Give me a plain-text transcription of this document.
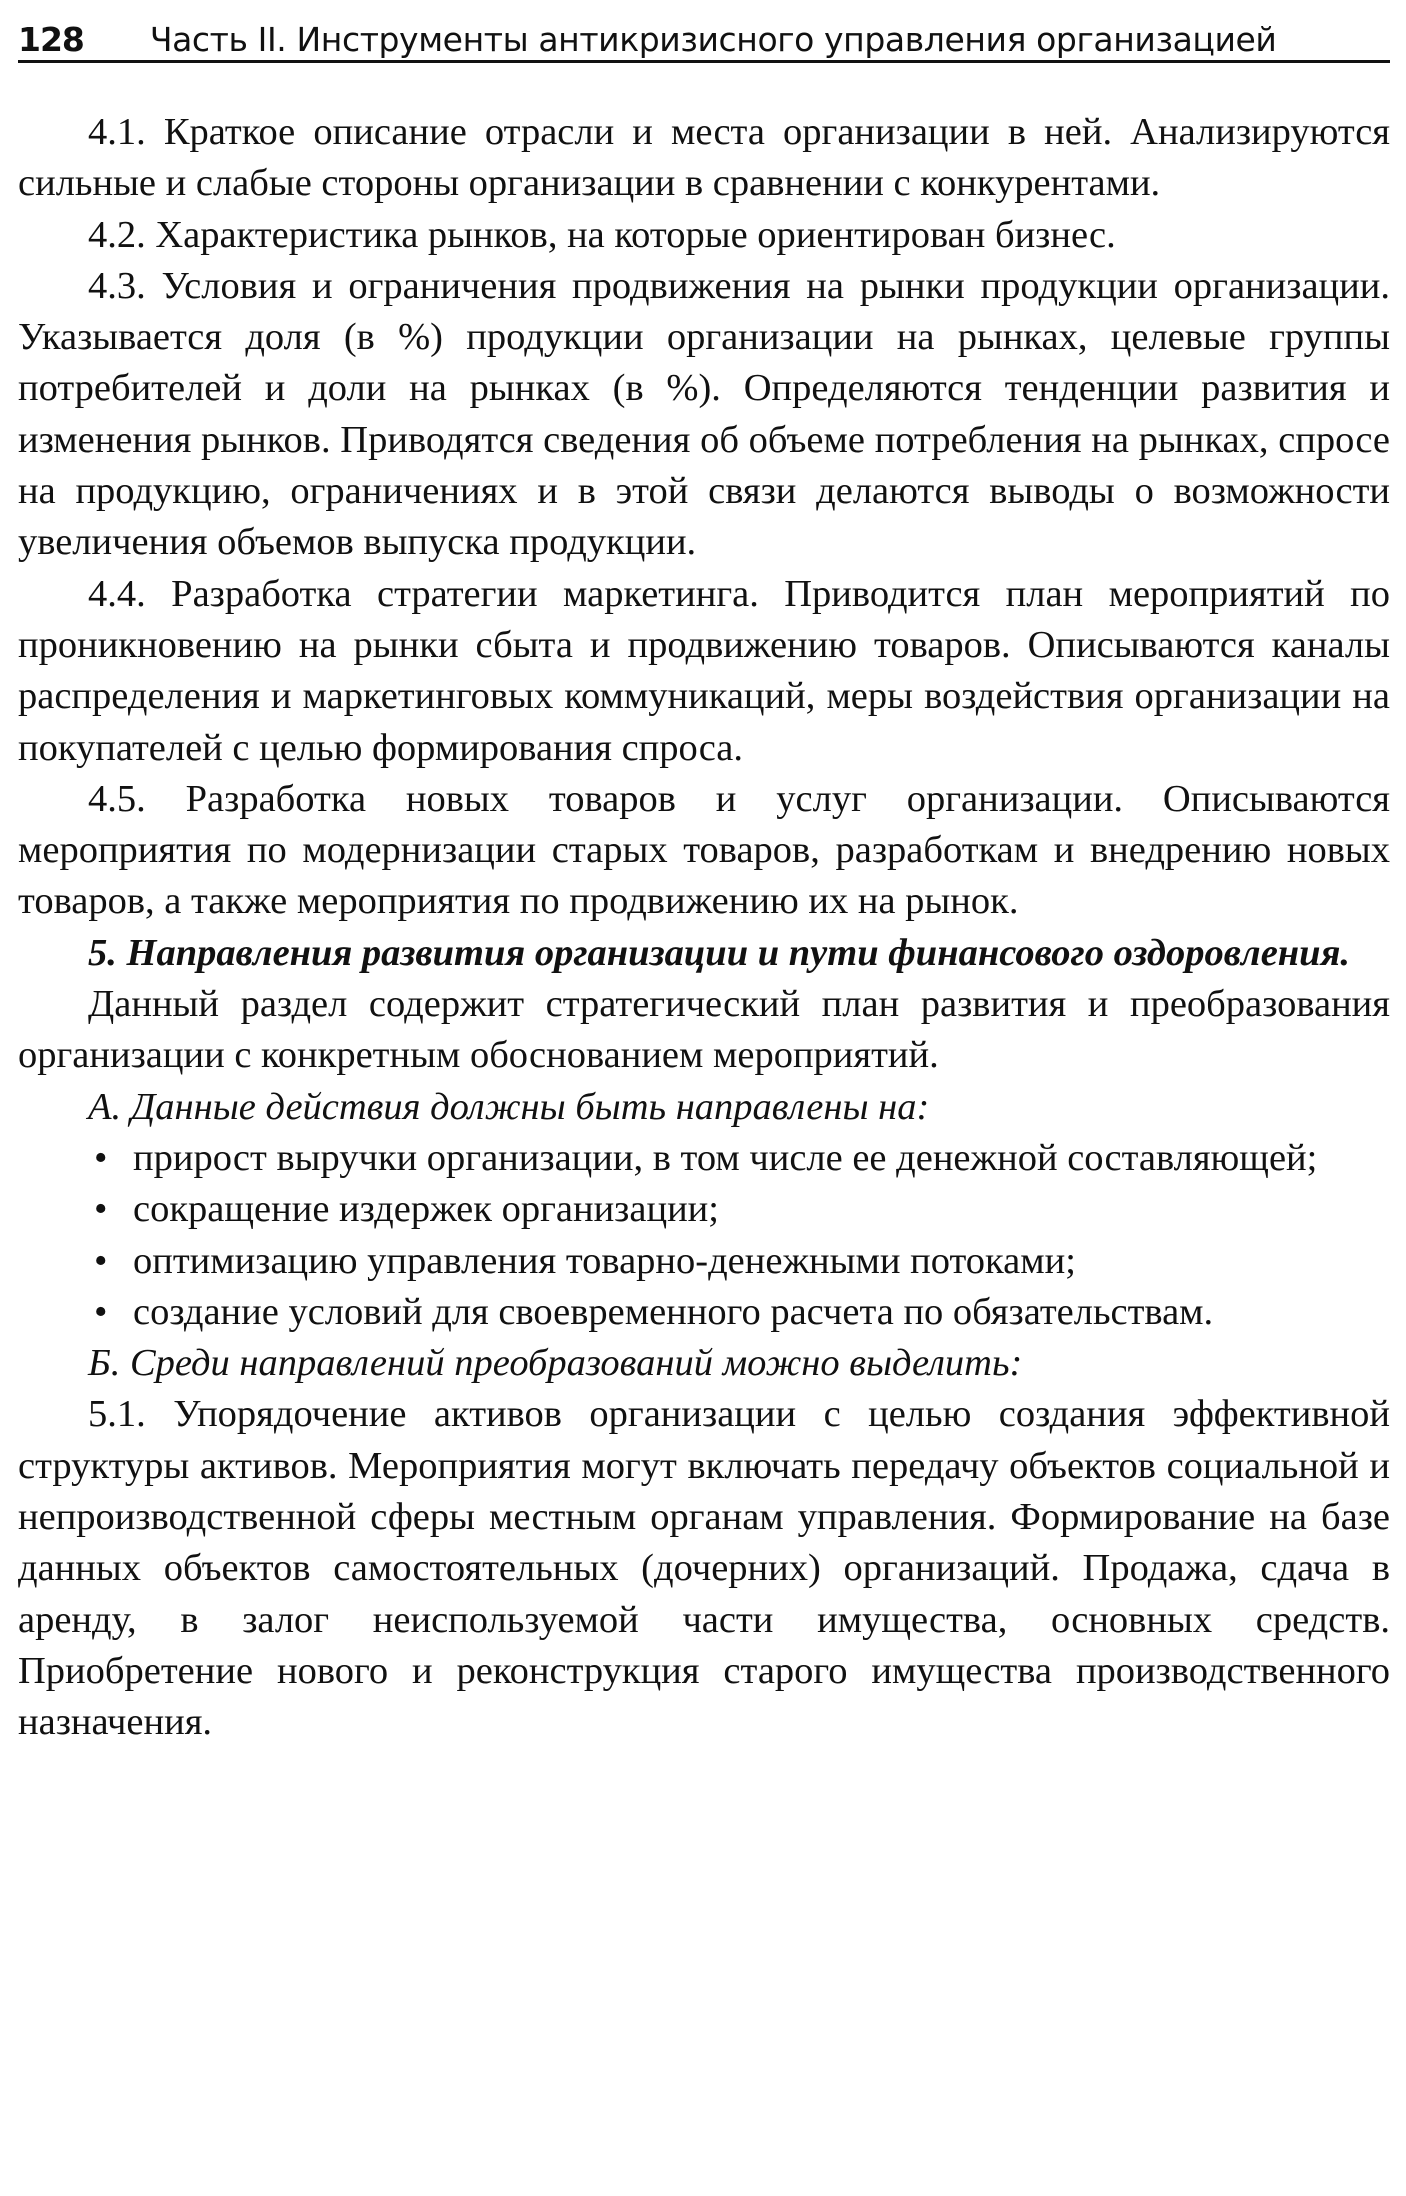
128 Часть II. Инструменты антикризисного управления организацией

4.1. Краткое описание отрасли и места организации в ней. Анализируются сильные и слабые стороны организации в сравнении с конкурентами.

4.2. Характеристика рынков, на которые ориентирован бизнес.

4.3. Условия и ограничения продвижения на рынки продукции организации. Указывается доля (в %) продукции организации на рынках, целевые группы потребителей и доли на рынках (в %). Определяются тенденции развития и изменения рынков. Приводятся сведения об объеме потребления на рынках, спросе на продукцию, ограничениях и в этой связи делаются выводы о возможности увеличения объемов выпуска продукции.

4.4. Разработка стратегии маркетинга. Приводится план мероприятий по проникновению на рынки сбыта и продвижению товаров. Описываются каналы распределения и маркетинговых коммуникаций, меры воздействия организации на покупателей с целью формирования спроса.

4.5. Разработка новых товаров и услуг организации. Описываются мероприятия по модернизации старых товаров, разработкам и внедрению новых товаров, а также мероприятия по продвижению их на рынок.

5. Направления развития организации и пути финансового оздоровления.

Данный раздел содержит стратегический план развития и преобразования организации с конкретным обоснованием мероприятий.

А. Данные действия должны быть направлены на:

• прирост выручки организации, в том числе ее денежной составляющей;
• сокращение издержек организации;
• оптимизацию управления товарно-денежными потоками;
• создание условий для своевременного расчета по обязательствам.

Б. Среди направлений преобразований можно выделить:

5.1. Упорядочение активов организации с целью создания эффективной структуры активов. Мероприятия могут включать передачу объектов социальной и непроизводственной сферы местным органам управления. Формирование на базе данных объектов самостоятельных (дочерних) организаций. Продажа, сдача в аренду, в залог неиспользуемой части имущества, основных средств. Приобретение нового и реконструкция старого имущества производственного назначения.
